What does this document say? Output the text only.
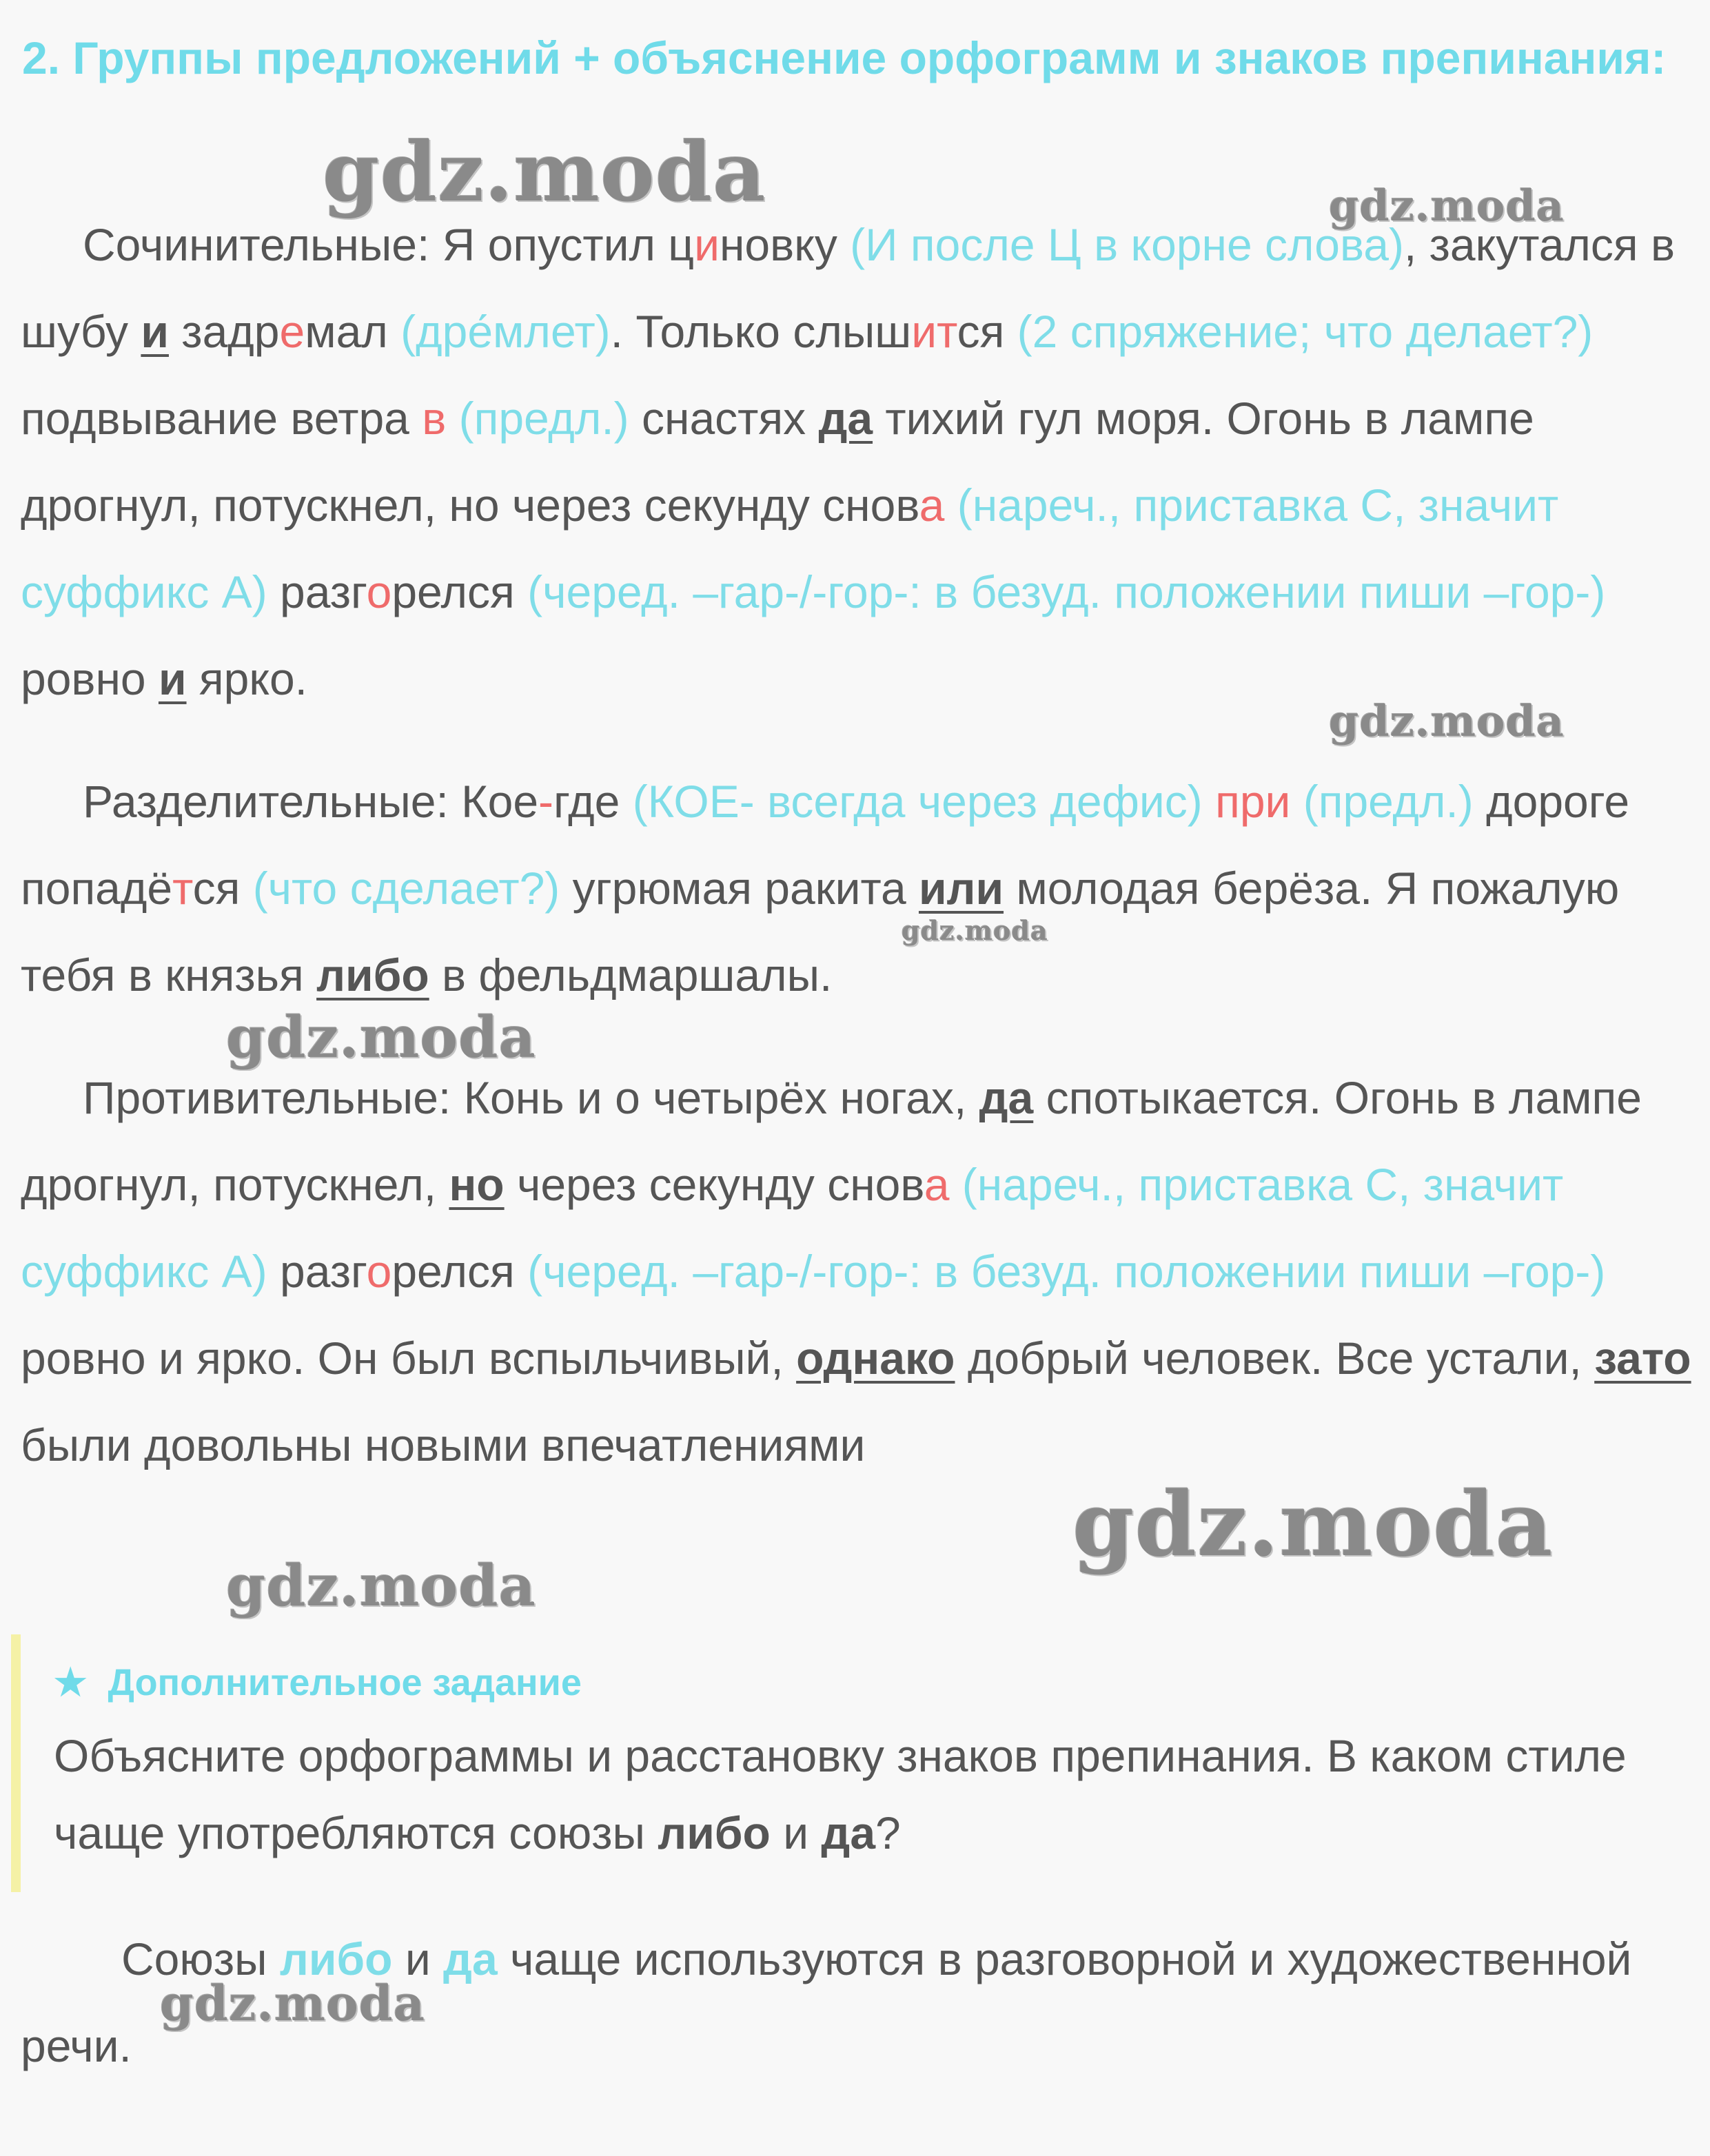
2. Группы предложений + объяснение орфограмм и знаков препинания:

Сочинительные: Я опустил циновку (И после Ц в корне слова), закутался в шубу и задремал (дре́млет). Только слышится (2 спряжение; что делает?) подвывание ветра в (предл.) снастях да тихий гул моря. Огонь в лампе дрогнул, потускнел, но через секунду снова (нареч., приставка С, значит суффикс А) разгорелся (черед. –гар-/-гор-: в безуд. положении пиши –гор-) ровно и ярко.

Разделительные: Кое-где (КОЕ- всегда через дефис) при (предл.) дороге попадётся (что сделает?) угрюмая ракита или молодая берёза. Я пожалую тебя в князья либо в фельдмаршалы.

Противительные: Конь и о четырёх ногах, да спотыкается. Огонь в лампе дрогнул, потускнел, но через секунду снова (нареч., приставка С, значит суффикс А) разгорелся (черед. –гар-/-гор-: в безуд. положении пиши –гор-) ровно и ярко. Он был вспыльчивый, однако добрый человек. Все устали, зато были довольны новыми впечатлениями

★ Дополнительное задание

Объясните орфограммы и расстановку знаков препинания. В каком стиле чаще употребляются союзы либо и да?

Союзы либо и да чаще используются в разговорной и художественной речи.

gdz.moda	gdz.moda
gdz.moda
gdz.moda
gdz.moda
gdz.moda
gdz.moda
gdz.moda
